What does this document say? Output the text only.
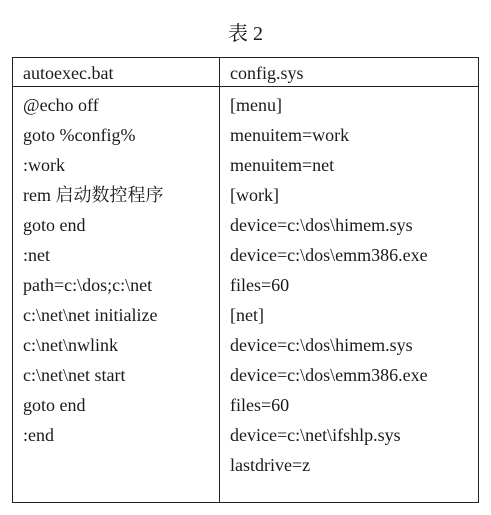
表 2
autoexec.bat	config.sys
@echo off
goto %config%
:work
rem 启动数控程序
goto end
:net
path=c:\dos;c:\net
c:\net\net initialize
c:\net\nwlink
c:\net\net start
goto end
:end
[menu]
menuitem=work
menuitem=net
[work]
device=c:\dos\himem.sys
device=c:\dos\emm386.exe
files=60
[net]
device=c:\dos\himem.sys
device=c:\dos\emm386.exe
files=60
device=c:\net\ifshlp.sys
lastdrive=z
